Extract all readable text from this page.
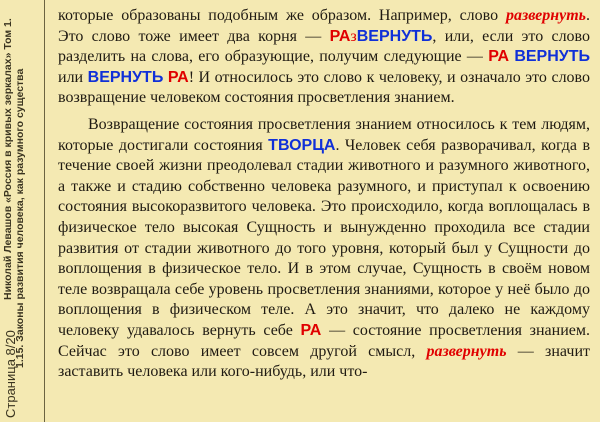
Николай Левашов «Россия в кривых зеркалах» Том 1. 1.15. Законы развития человека, как разумного существа
Страница 8/20

которые образованы подобным же образом. Например, слово развернуть. Это слово тоже имеет два корня — РАзВЕРНУТЬ, или, если это слово разделить на слова, его образующие, получим следующие — РА ВЕРНУТЬ или ВЕРНУТЬ РА! И относилось это слово к человеку, и означало это слово возвращение человеком состояния просветления знанием.

Возвращение состояния просветления знанием относилось к тем людям, которые достигали состояния ТВОРЦА. Человек себя разворачивал, когда в течение своей жизни преодолевал стадии животного и разумного животного, а также и стадию собственно человека разумного, и приступал к освоению состояния высокоразвитого человека. Это происходило, когда воплощалась в физическое тело высокая Сущность и вынужденно проходила все стадии развития от стадии животного до того уровня, который был у Сущности до воплощения в физическое тело. И в этом случае, Сущность в своём новом теле возвращала себе уровень просветления знаниями, которое у неё было до воплощения в физическом теле. А это значит, что далеко не каждому человеку удавалось вернуть себе РА — состояние просветления знанием. Сейчас это слово имеет совсем другой смысл, развернуть — значит заставить человека или кого-нибудь, или что-
